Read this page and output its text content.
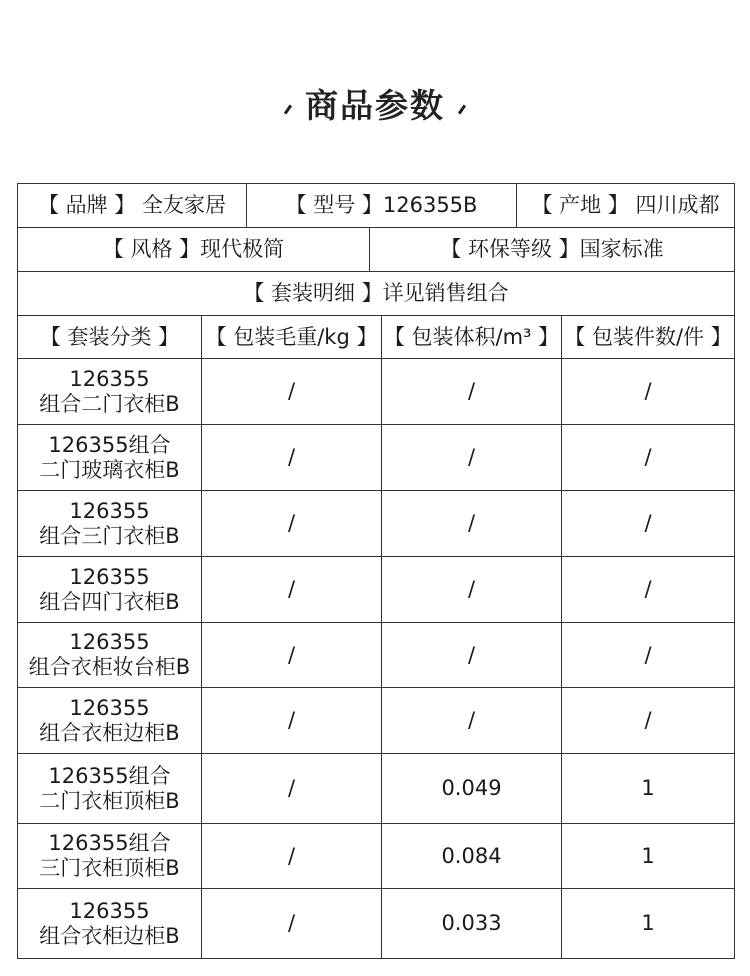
商品参数
【 品牌 】 全友家居	【 型号 】126355B	【 产地 】 四川成都
【 风格 】现代极简	【 环保等级 】国家标准
【 套装明细 】详见销售组合
【 套装分类 】	【 包装毛重/kg 】 【 包装体积/m³ 】 【 包装件数/件 】
126355
组合二门衣柜B
/	/	/
126355组合
二门玻璃衣柜B
/	/	/
126355
组合三门衣柜B
/	/	/
126355
组合四门衣柜B
/	/	/
126355
组合衣柜妆台柜B
/	/	/
126355
组合衣柜边柜B
/	/	/
126355组合
二门衣柜顶柜B
/	0.049	1
126355组合
三门衣柜顶柜B
/	0.084	1
126355
组合衣柜边柜B
/	0.033	1
